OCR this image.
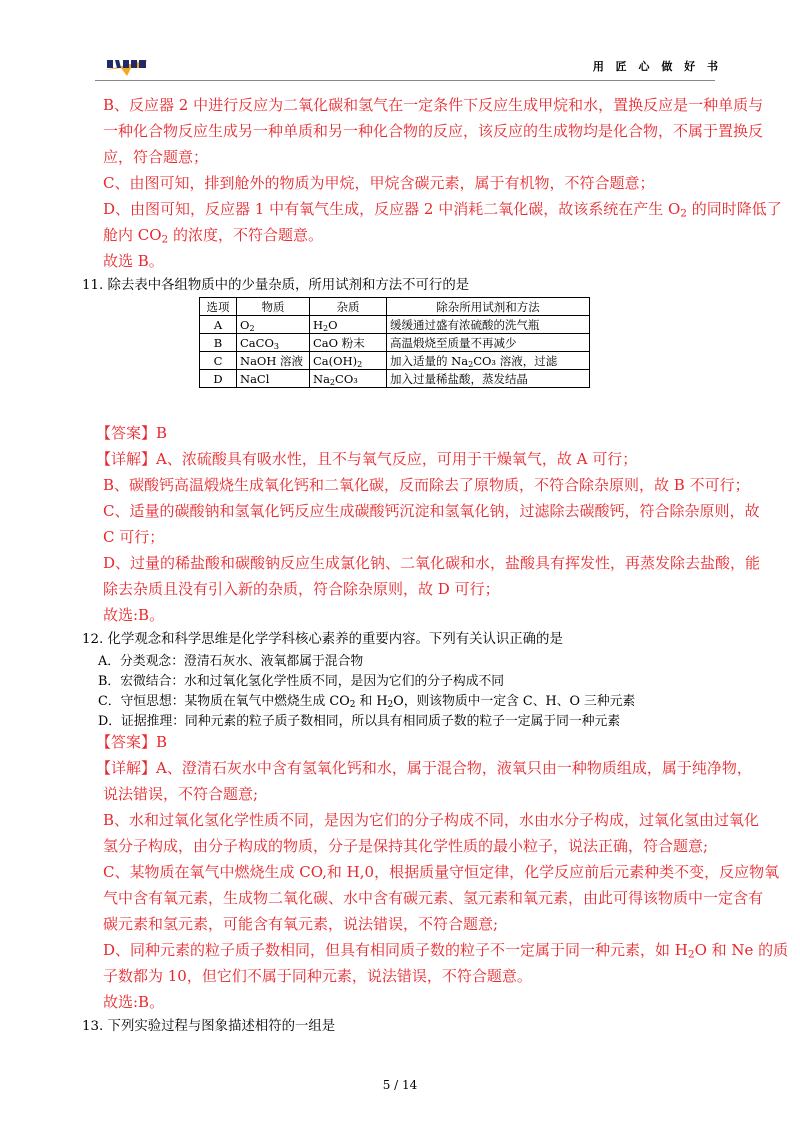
用 匠 心 做 好 书
B、反应器 2 中进行反应为二氧化碳和氢气在一定条件下反应生成甲烷和水，置换反应是一种单质与
一种化合物反应生成另一种单质和另一种化合物的反应，该反应的生成物均是化合物，不属于置换反
应，符合题意；
C、由图可知，排到舱外的物质为甲烷，甲烷含碳元素，属于有机物，不符合题意；
D、由图可知，反应器 1 中有氧气生成，反应器 2 中消耗二氧化碳，故该系统在产生 $O_2$ 的同时降低了
舱内 $CO_2$ 的浓度，不符合题意。
故选 B。
11. 除去表中各组物质中的少量杂质，所用试剂和方法不可行的是
选项	物质	杂质	除杂所用试剂和方法
A	$O_2$	$H_2O$	缓缓通过盛有浓硫酸的洗气瓶
B	CaCO$_3$	CaO 粉末	高温煅烧至质量不再减少
C	NaOH 溶液	$Ca(OH)_2$	加入适量的 $Na_2CO_3$ 溶液，过滤
D	NaCl	$Na_2CO_3$	加入过量稀盐酸，蒸发结晶
【答案】B
【详解】A、浓硫酸具有吸水性，且不与氧气反应，可用于干燥氧气，故 A 可行；
B、碳酸钙高温煅烧生成氧化钙和二氧化碳，反而除去了原物质，不符合除杂原则，故 B 不可行；
C、适量的碳酸钠和氢氧化钙反应生成碳酸钙沉淀和氢氧化钠，过滤除去碳酸钙，符合除杂原则，故
C 可行；
D、过量的稀盐酸和碳酸钠反应生成氯化钠、二氧化碳和水，盐酸具有挥发性，再蒸发除去盐酸，能
除去杂质且没有引入新的杂质，符合除杂原则，故 D 可行；
故选:B。
12. 化学观念和科学思维是化学学科核心素养的重要内容。下列有关认识正确的是
A．分类观念：澄清石灰水、液氧都属于混合物
B．宏微结合：水和过氧化氢化学性质不同，是因为它们的分子构成不同
C．守恒思想：某物质在氧气中燃烧生成 $CO_2$ 和 $H_2O$，则该物质中一定含 C、H、O 三种元素
D．证据推理：同种元素的粒子质子数相同，所以具有相同质子数的粒子一定属于同一种元素
【答案】B
【详解】A、澄清石灰水中含有氢氧化钙和水，属于混合物，液氧只由一种物质组成，属于纯净物，
说法错误，不符合题意;
B、水和过氧化氢化学性质不同，是因为它们的分子构成不同，水由水分子构成，过氧化氢由过氧化
氢分子构成，由分子构成的物质，分子是保持其化学性质的最小粒子，说法正确，符合题意;
C、某物质在氧气中燃烧生成 CO,和 H,0，根据质量守恒定律，化学反应前后元素种类不变，反应物氧
气中含有氧元素，生成物二氧化碳、水中含有碳元素、氢元素和氧元素，由此可得该物质中一定含有
碳元素和氢元素，可能含有氧元素，说法错误，不符合题意;
D、同种元素的粒子质子数相同，但具有相同质子数的粒子不一定属于同一种元素，如 $H_2O$ 和 Ne 的质
子数都为 10，但它们不属于同种元素，说法错误，不符合题意。
故选:B。
13. 下列实验过程与图象描述相符的一组是
5 / 14
